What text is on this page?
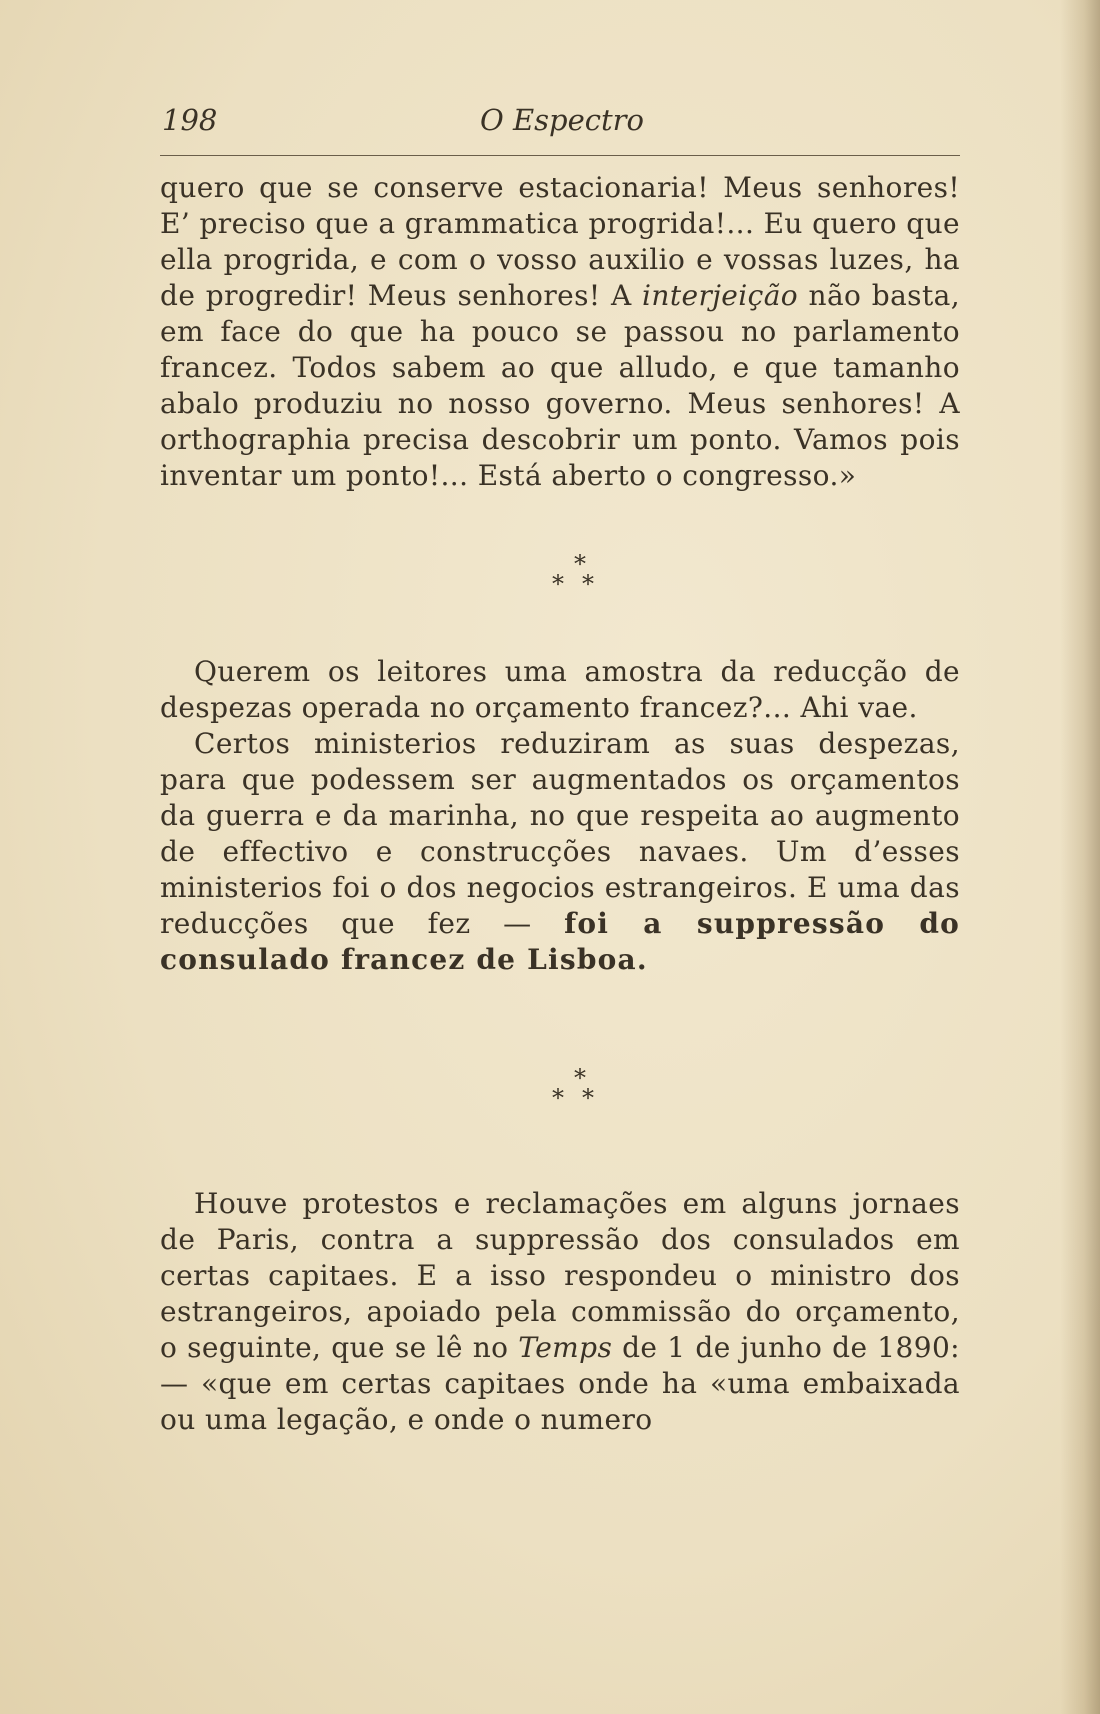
198	O Espectro

quero que se conserve estacionaria! Meus senhores! E’ preciso que a grammatica progrida!... Eu quero que ella progrida, e com o vosso auxilio e vossas luzes, ha de progredir! Meus senhores! A interjeição não basta, em face do que ha pouco se passou no parlamento francez. Todos sabem ao que alludo, e que tamanho abalo produziu no nosso governo. Meus senhores! A orthographia precisa descobrir um ponto. Vamos pois inventar um ponto!... Está aberto o congresso.»

*
**

Querem os leitores uma amostra da reducção de despezas operada no orçamento francez?... Ahi vae.

Certos ministerios reduziram as suas despezas, para que podessem ser augmentados os orçamentos da guerra e da marinha, no que respeita ao augmento de effectivo e construcções navaes. Um d’esses ministerios foi o dos negocios estrangeiros. E uma das reducções que fez — foi a suppressão do consulado francez de Lisboa.

*
**

Houve protestos e reclamações em alguns jornaes de Paris, contra a suppressão dos consulados em certas capitaes. E a isso respondeu o ministro dos estrangeiros, apoiado pela commissão do orçamento, o seguinte, que se lê no Temps de 1 de junho de 1890: — «que em certas capitaes onde ha «uma embaixada ou uma legação, e onde o numero
